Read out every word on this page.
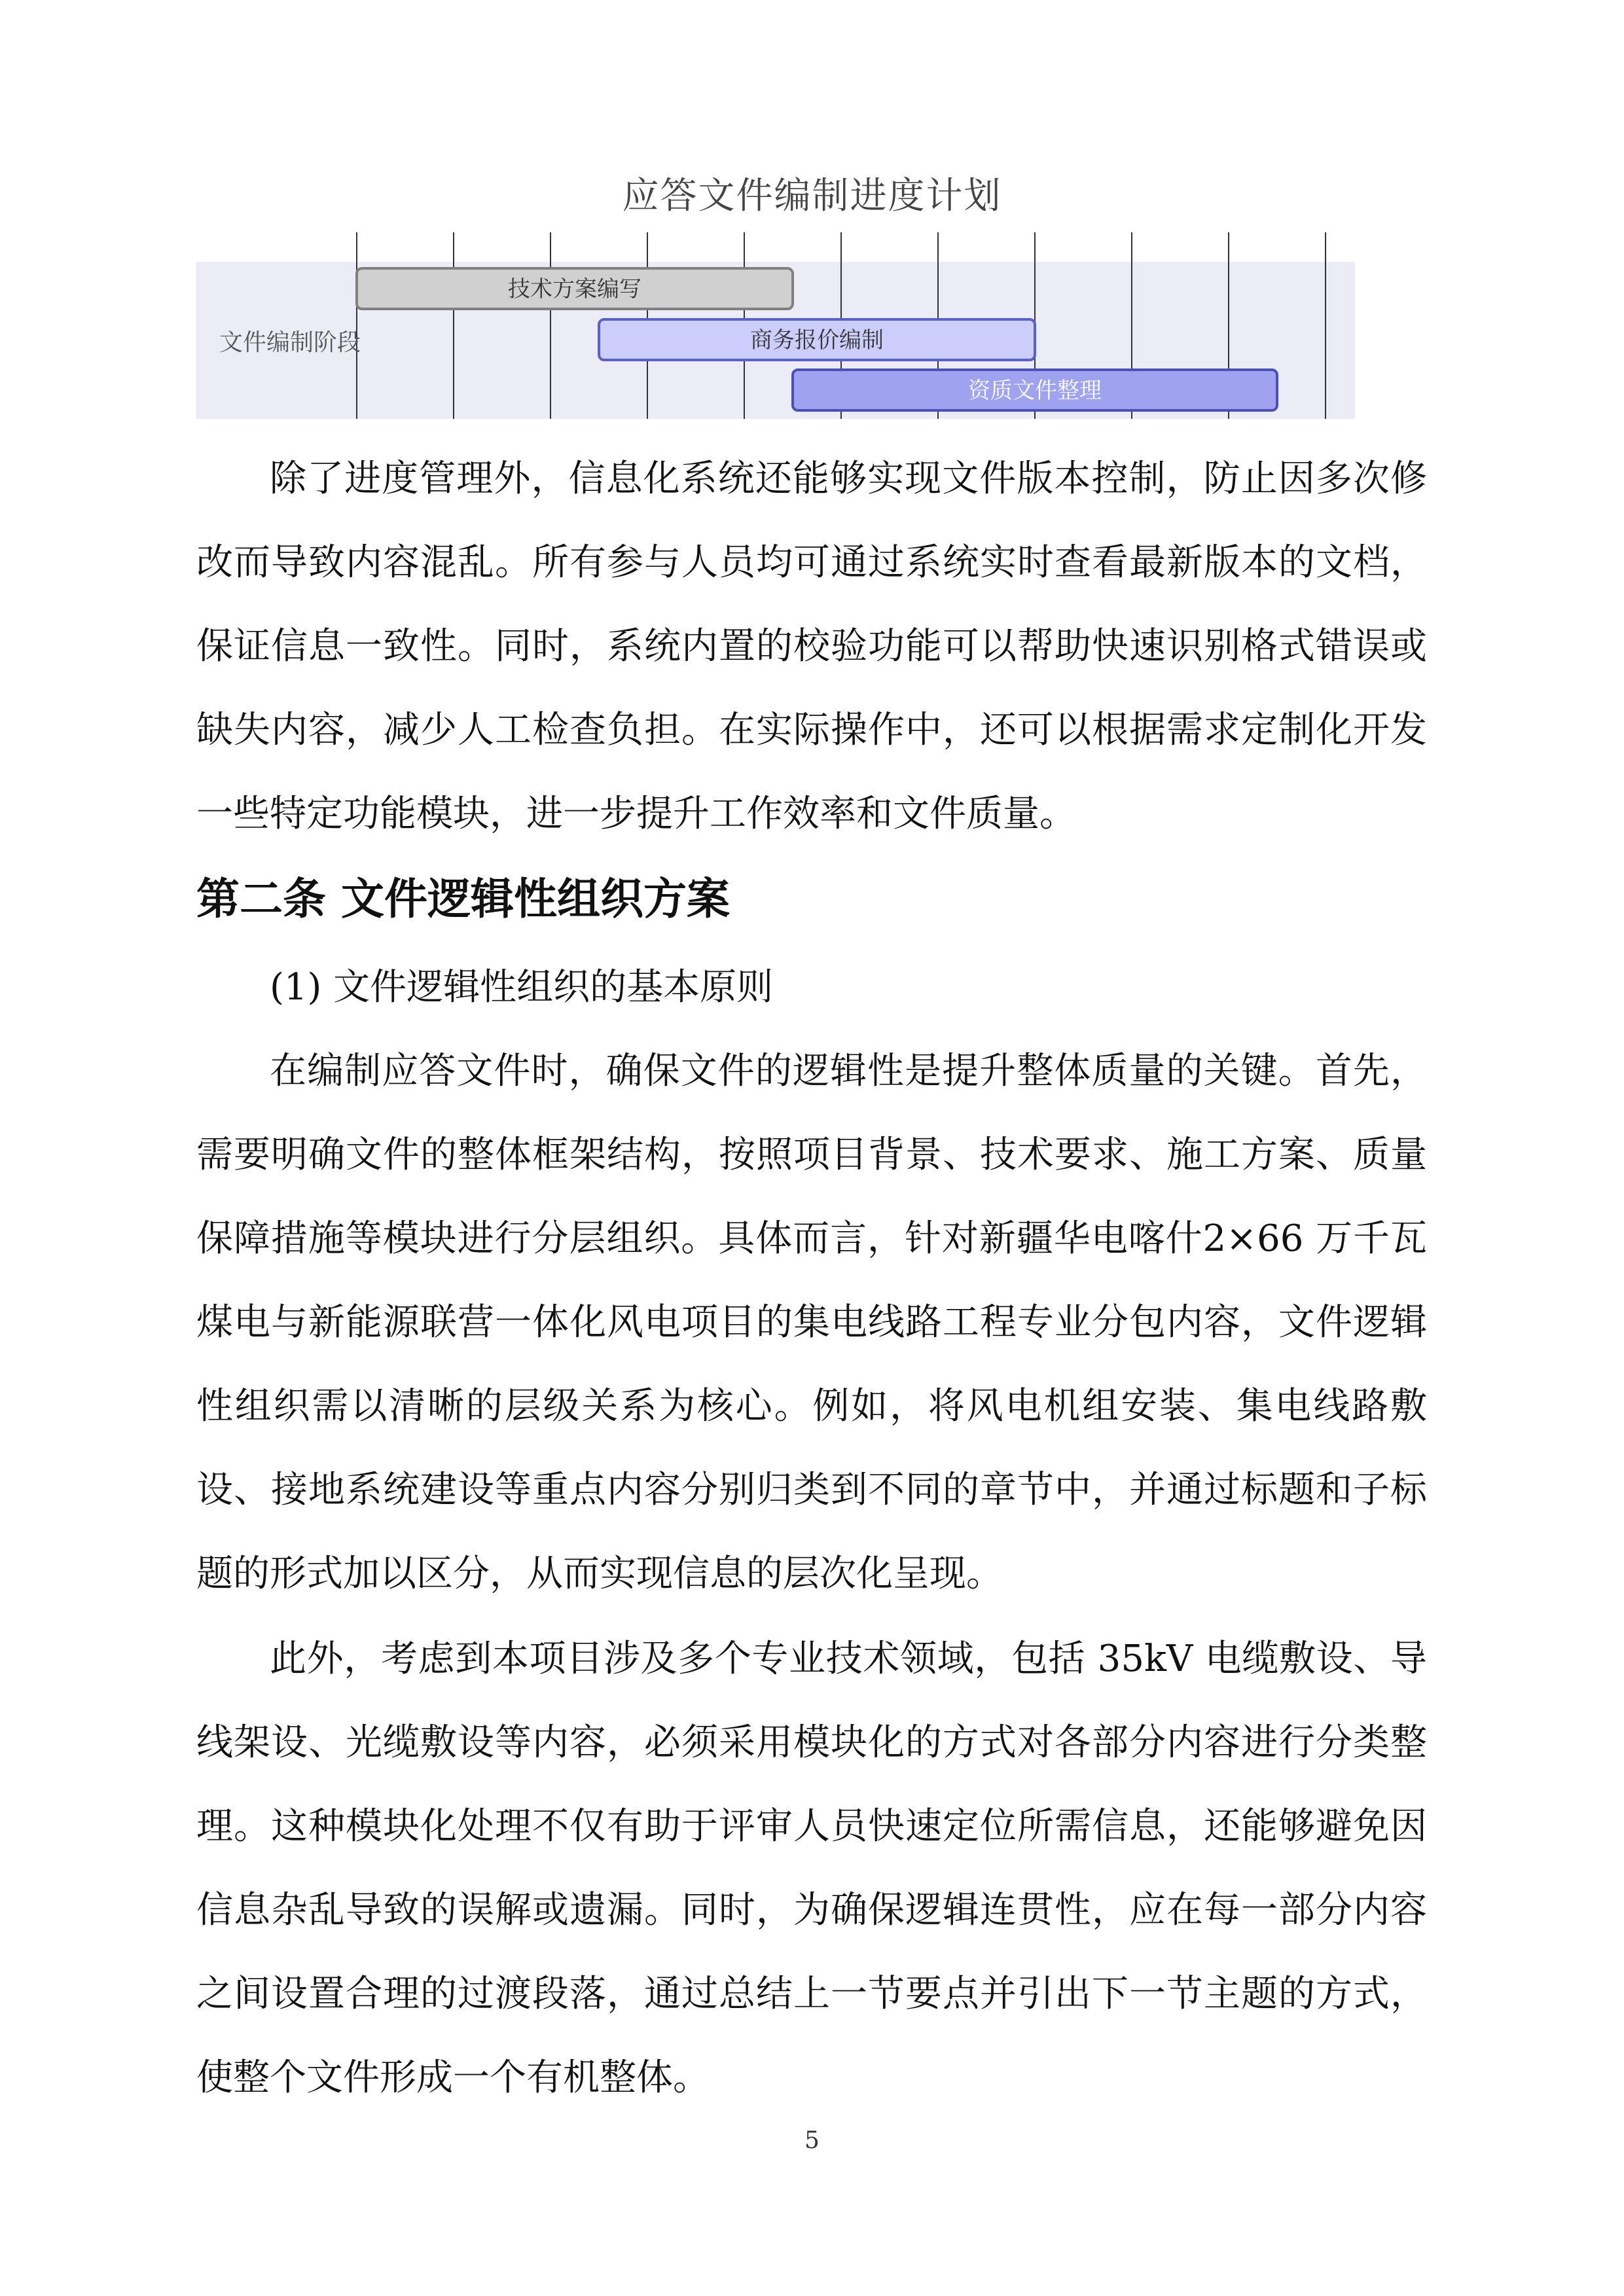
应答文件编制进度计划
文件编制阶段
技术方案编写
商务报价编制
资质文件整理

除了进度管理外，信息化系统还能够实现文件版本控制，防止因多次修改而导致内容混乱。所有参与人员均可通过系统实时查看最新版本的文档，保证信息一致性。同时，系统内置的校验功能可以帮助快速识别格式错误或缺失内容，减少人工检查负担。在实际操作中，还可以根据需求定制化开发一些特定功能模块，进一步提升工作效率和文件质量。

第二条 文件逻辑性组织方案

(1) 文件逻辑性组织的基本原则

在编制应答文件时，确保文件的逻辑性是提升整体质量的关键。首先，需要明确文件的整体框架结构，按照项目背景、技术要求、施工方案、质量保障措施等模块进行分层组织。具体而言，针对新疆华电喀什2×66 万千瓦煤电与新能源联营一体化风电项目的集电线路工程专业分包内容，文件逻辑性组织需以清晰的层级关系为核心。例如，将风电机组安装、集电线路敷设、接地系统建设等重点内容分别归类到不同的章节中，并通过标题和子标题的形式加以区分，从而实现信息的层次化呈现。

此外，考虑到本项目涉及多个专业技术领域，包括 35kV 电缆敷设、导线架设、光缆敷设等内容，必须采用模块化的方式对各部分内容进行分类整理。这种模块化处理不仅有助于评审人员快速定位所需信息，还能够避免因信息杂乱导致的误解或遗漏。同时，为确保逻辑连贯性，应在每一部分内容之间设置合理的过渡段落，通过总结上一节要点并引出下一节主题的方式，使整个文件形成一个有机整体。

5
